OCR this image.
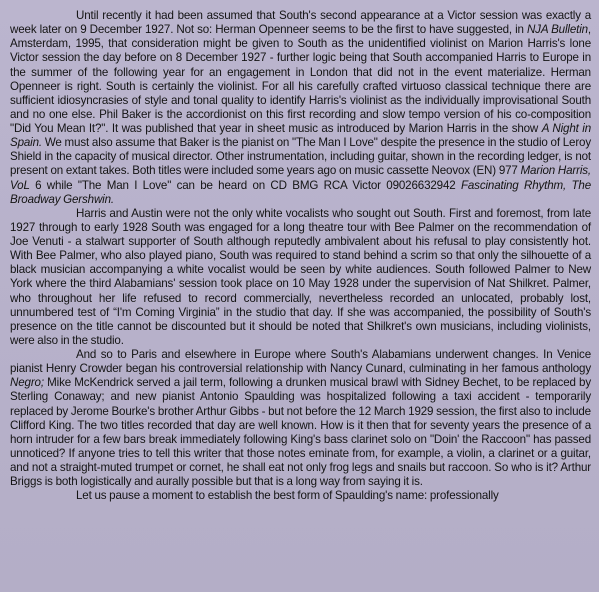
Until recently it had been assumed that South's second appearance at a Victor session was exactly a week later on 9 December 1927. Not so: Herman Openneer seems to be the first to have suggested, in NJA Bulletin, Amsterdam, 1995, that consideration might be given to South as the unidentified violinist on Marion Harris's lone Victor session the day before on 8 December 1927 - further logic being that South accompanied Harris to Europe in the summer of the following year for an engagement in London that did not in the event materialize. Herman Openneer is right. South is certainly the violinist. For all his carefully crafted virtuoso classical technique there are sufficient idiosyncrasies of style and tonal quality to identify Harris's violinist as the individually improvisational South and no one else. Phil Baker is the accordionist on this first recording and slow tempo version of his co-composition "Did You Mean It?". It was published that year in sheet music as introduced by Marion Harris in the show A Night in Spain. We must also assume that Baker is the pianist on "The Man I Love" despite the presence in the studio of Leroy Shield in the capacity of musical director. Other instrumentation, including guitar, shown in the recording ledger, is not present on extant takes. Both titles were included some years ago on music cassette Neovox (EN) 977 Marion Harris, VoL 6 while "The Man I Love" can be heard on CD BMG RCA Victor 09026632942 Fascinating Rhythm, The Broadway Gershwin.

Harris and Austin were not the only white vocalists who sought out South. First and foremost, from late 1927 through to early 1928 South was engaged for a long theatre tour with Bee Palmer on the recommendation of Joe Venuti - a stalwart supporter of South although reputedly ambivalent about his refusal to play consistently hot. With Bee Palmer, who also played piano, South was required to stand behind a scrim so that only the silhouette of a black musician accompanying a white vocalist would be seen by white audiences. South followed Palmer to New York where the third Alabamians' session took place on 10 May 1928 under the supervision of Nat Shilkret. Palmer, who throughout her life refused to record commercially, nevertheless recorded an unlocated, probably lost, unnumbered test of “I'm Coming Virginia” in the studio that day. If she was accompanied, the possibility of South's presence on the title cannot be discounted but it should be noted that Shilkret's own musicians, including violinists, were also in the studio.

And so to Paris and elsewhere in Europe where South's Alabamians underwent changes. In Venice pianist Henry Crowder began his controversial relationship with Nancy Cunard, culminating in her famous anthology Negro; Mike McKendrick served a jail term, following a drunken musical brawl with Sidney Bechet, to be replaced by Sterling Conaway; and new pianist Antonio Spaulding was hospitalized following a taxi accident - temporarily replaced by Jerome Bourke's brother Arthur Gibbs - but not before the 12 March 1929 session, the first also to include Clifford King. The two titles recorded that day are well known. How is it then that for seventy years the presence of a horn intruder for a few bars break immediately following King's bass clarinet solo on "Doin' the Raccoon" has passed unnoticed? If anyone tries to tell this writer that those notes eminate from, for example, a violin, a clarinet or a guitar, and not a straight-muted trumpet or cornet, he shall eat not only frog legs and snails but raccoon. So who is it? Arthur Briggs is both logistically and aurally possible but that is a long way from saying it is.

Let us pause a moment to establish the best form of Spaulding's name: professionally
